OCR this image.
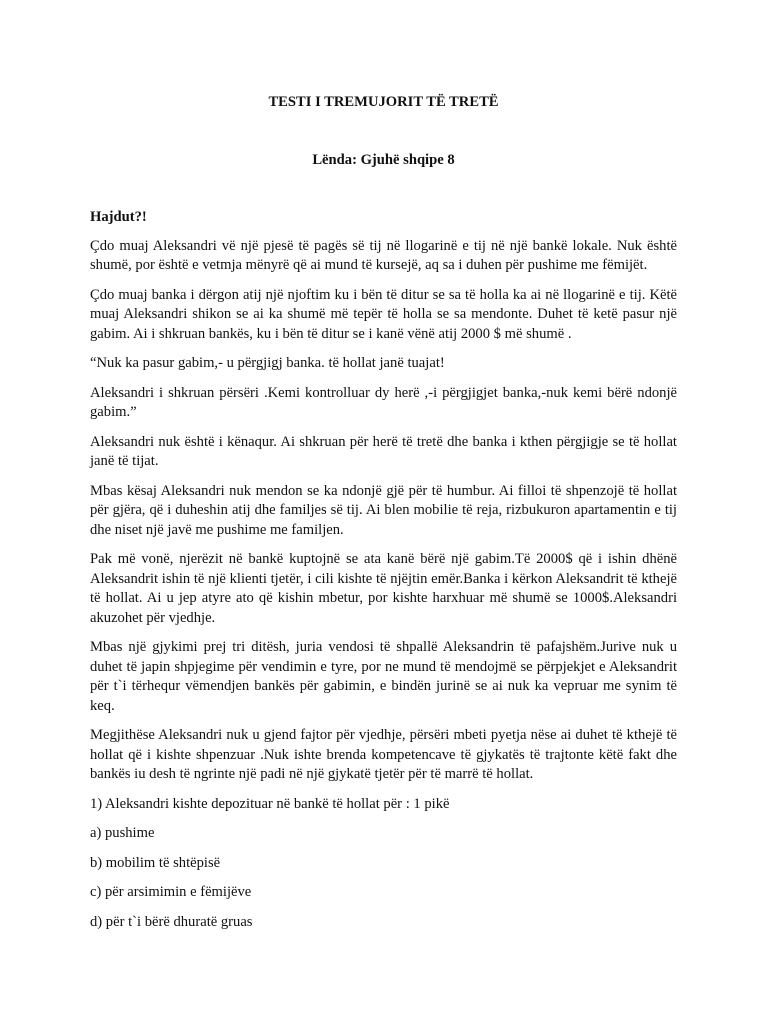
TESTI I TREMUJORIT TË TRETË

Lënda: Gjuhë shqipe 8

Hajdut?!

Çdo muaj Aleksandri vë një pjesë të pagës së tij në llogarinë e tij në një bankë lokale. Nuk është shumë, por është e vetmja mënyrë që ai mund të kursejë, aq sa i duhen për pushime me fëmijët.

Çdo muaj banka i dërgon atij një njoftim ku i bën të ditur se sa të holla ka ai në llogarinë e tij. Këtë muaj Aleksandri shikon se ai ka shumë më tepër të holla se sa mendonte. Duhet të ketë pasur një gabim. Ai i shkruan bankës, ku i bën të ditur se i kanë vënë atij 2000 $ më shumë .

“Nuk ka pasur gabim,- u përgjigj banka. të hollat janë tuajat!

Aleksandri i shkruan përsëri .Kemi kontrolluar dy herë ,-i përgjigjet banka,-nuk kemi bërë ndonjë gabim.”

Aleksandri nuk është i kënaqur. Ai shkruan për herë të tretë dhe banka i kthen përgjigje se të hollat janë të tijat.

Mbas kësaj Aleksandri nuk mendon se ka ndonjë gjë për të humbur. Ai filloi të shpenzojë të hollat për gjëra, që i duheshin atij dhe familjes së tij. Ai blen mobilie të reja, rizbukuron apartamentin e tij dhe niset një javë me pushime me familjen.

Pak më vonë, njerëzit në bankë kuptojnë se ata kanë bërë një gabim.Të 2000$ që i ishin dhënë Aleksandrit ishin të një klienti tjetër, i cili kishte të njëjtin emër.Banka i kërkon Aleksandrit të kthejë të hollat. Ai u jep atyre ato që kishin mbetur, por kishte harxhuar më shumë se 1000$.Aleksandri akuzohet për vjedhje.

Mbas një gjykimi prej tri ditësh, juria vendosi të shpallë Aleksandrin të pafajshëm.Jurive nuk u duhet të japin shpjegime për vendimin e tyre, por ne mund të mendojmë se përpjekjet e Aleksandrit për t`i tërhequr vëmendjen bankës për gabimin, e bindën jurinë se ai nuk ka vepruar me synim të keq.

Megjithëse Aleksandri nuk u gjend fajtor për vjedhje, përsëri mbeti pyetja nëse ai duhet të kthejë të hollat që i kishte shpenzuar .Nuk ishte brenda kompetencave të gjykatës të trajtonte këtë fakt dhe bankës iu desh të ngrinte një padi në një gjykatë tjetër për të marrë të hollat.

1) Aleksandri kishte depozituar në bankë të hollat për : 1 pikë

a) pushime

b) mobilim të shtëpisë

c) për arsimimin e fëmijëve

d) për t`i bërë dhuratë gruas
